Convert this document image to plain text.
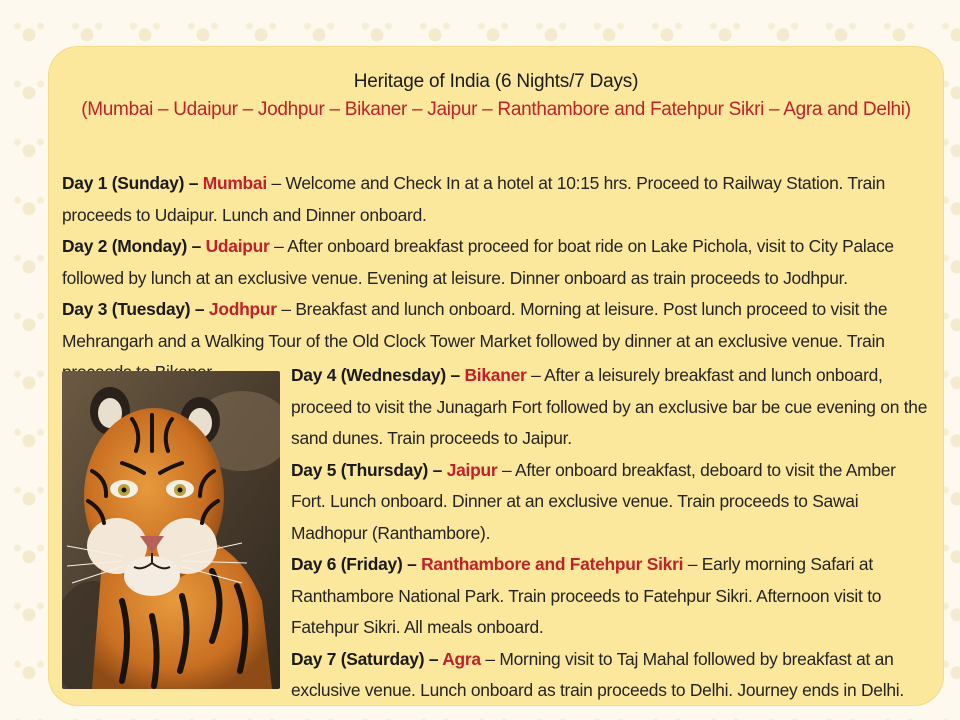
Heritage of India (6 Nights/7 Days)
(Mumbai – Udaipur – Jodhpur – Bikaner – Jaipur – Ranthambore and Fatehpur Sikri – Agra and Delhi)

Day 1 (Sunday) – Mumbai – Welcome and Check In at a hotel at 10:15 hrs. Proceed to Railway Station. Train proceeds to Udaipur. Lunch and Dinner onboard.

Day 2 (Monday) – Udaipur – After onboard breakfast proceed for boat ride on Lake Pichola, visit to City Palace followed by lunch at an exclusive venue. Evening at leisure. Dinner onboard as train proceeds to Jodhpur.

Day 3 (Tuesday) – Jodhpur – Breakfast and lunch onboard. Morning at leisure. Post lunch proceed to visit the Mehrangarh and a Walking Tour of the Old Clock Tower Market followed by dinner at an exclusive venue. Train

Day 4 (Wednesday) – Bikaner – After a leisurely breakfast and lunch onboard, proceed to visit the Junagarh Fort followed by an exclusive bar be cue evening on the sand dunes. Train proceeds to Jaipur.

Day 5 (Thursday) – Jaipur – After onboard breakfast, deboard to visit the Amber Fort. Lunch onboard. Dinner at an exclusive venue. Train proceeds to Sawai Madhopur (Ranthambore).

Day 6 (Friday) – Ranthambore and Fatehpur Sikri – Early morning Safari at Ranthambore National Park. Train proceeds to Fatehpur Sikri. Afternoon visit to Fatehpur Sikri. All meals onboard.

Day 7 (Saturday) – Agra – Morning visit to Taj Mahal followed by breakfast at an exclusive venue. Lunch onboard as train proceeds to Delhi. Journey ends in Delhi.
